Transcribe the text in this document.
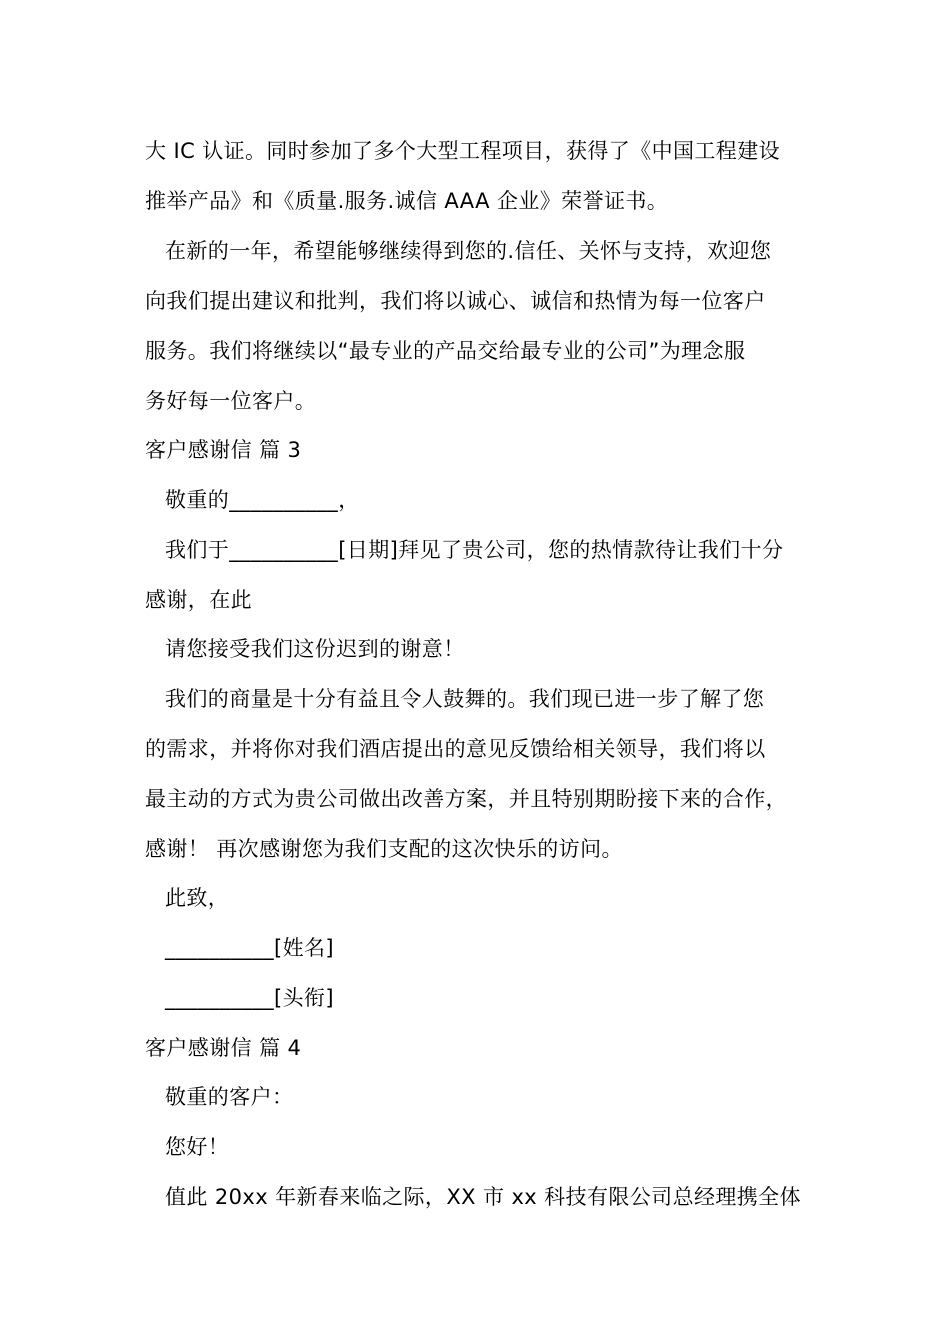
大 IC 认证。同时参加了多个大型工程项目，获得了《中国工程建设
推举产品》和《质量.服务.诚信 AAA 企业》荣誉证书。
在新的一年，希望能够继续得到您的.信任、关怀与支持，欢迎您
向我们提出建议和批判，我们将以诚心、诚信和热情为每一位客户
服务。我们将继续以“最专业的产品交给最专业的公司”为理念服
务好每一位客户。
客户感谢信 篇 3
敬重的__________，
我们于__________[日期]拜见了贵公司，您的热情款待让我们十分
感谢，在此
请您接受我们这份迟到的谢意！
我们的商量是十分有益且令人鼓舞的。我们现已进一步了解了您
的需求，并将你对我们酒店提出的意见反馈给相关领导，我们将以
最主动的方式为贵公司做出改善方案，并且特别期盼接下来的合作，
感谢！ 再次感谢您为我们支配的这次快乐的访问。
此致，
__________[姓名]
__________[头衔]
客户感谢信 篇 4
敬重的客户：
您好！
值此 20xx 年新春来临之际，XX 市 xx 科技有限公司总经理携全体
